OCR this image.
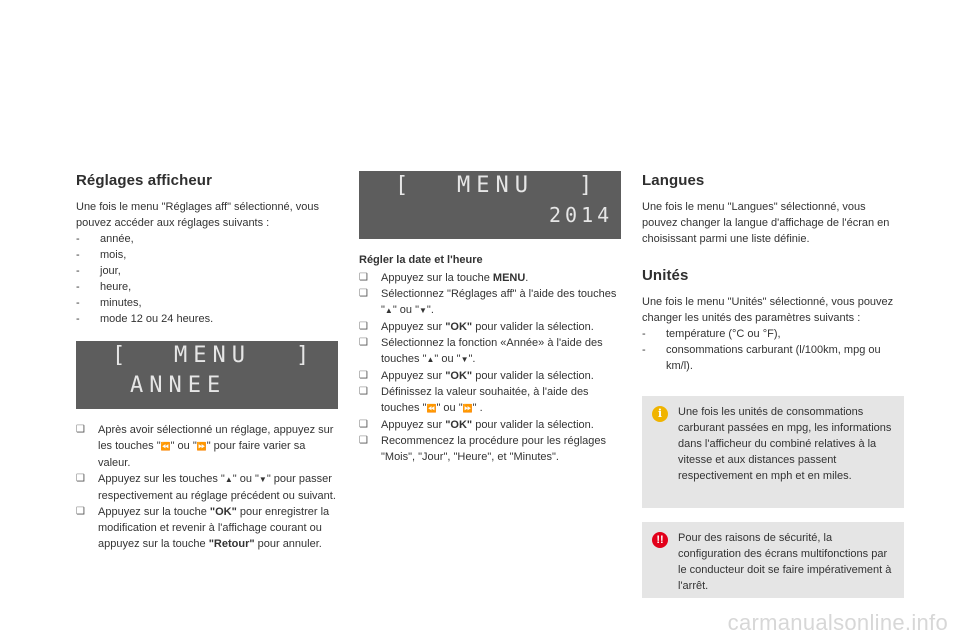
Réglages afficheur

Une fois le menu "Réglages aff" sélectionné, vous pouvez accéder aux réglages suivants :

- année,
- mois,
- jour,
- heure,
- minutes,
- mode 12 ou 24 heures.
[ MENU ]
ANNEE
❑ Après avoir sélectionné un réglage, appuyez sur les touches "⏪" ou "⏩" pour faire varier sa valeur.
❑ Appuyez sur les touches "▲" ou "▼" pour passer respectivement au réglage précédent ou suivant.
❑ Appuyez sur la touche "OK" pour enregistrer la modification et revenir à l'affichage courant ou appuyez sur la touche "Retour" pour annuler.
[ MENU ]
2014

Régler la date et l'heure

❑ Appuyez sur la touche MENU.
❑ Sélectionnez "Réglages aff" à l'aide des touches "▲" ou "▼".
❑ Appuyez sur "OK" pour valider la sélection.
❑ Sélectionnez la fonction «Année» à l'aide des touches "▲" ou "▼".
❑ Appuyez sur "OK" pour valider la sélection.
❑ Définissez la valeur souhaitée, à l'aide des touches "⏪" ou "⏩" .
❑ Appuyez sur "OK" pour valider la sélection.
❑ Recommencez la procédure pour les réglages "Mois", "Jour", "Heure", et "Minutes".
Langues

Une fois le menu "Langues" sélectionné, vous pouvez changer la langue d'affichage de l'écran en choisissant parmi une liste définie.

Unités

Une fois le menu "Unités" sélectionné, vous pouvez changer les unités des paramètres suivants :

- température (°C ou °F),
- consommations carburant (l/100km, mpg ou km/l).
i	Une fois les unités de consommations carburant passées en mpg, les informations dans l'afficheur du combiné relatives à la vitesse et aux distances passent respectivement en mph et en miles.

!!	Pour des raisons de sécurité, la configuration des écrans multifonctions par le conducteur doit se faire impérativement à l'arrêt.

carmanualsonline.info
